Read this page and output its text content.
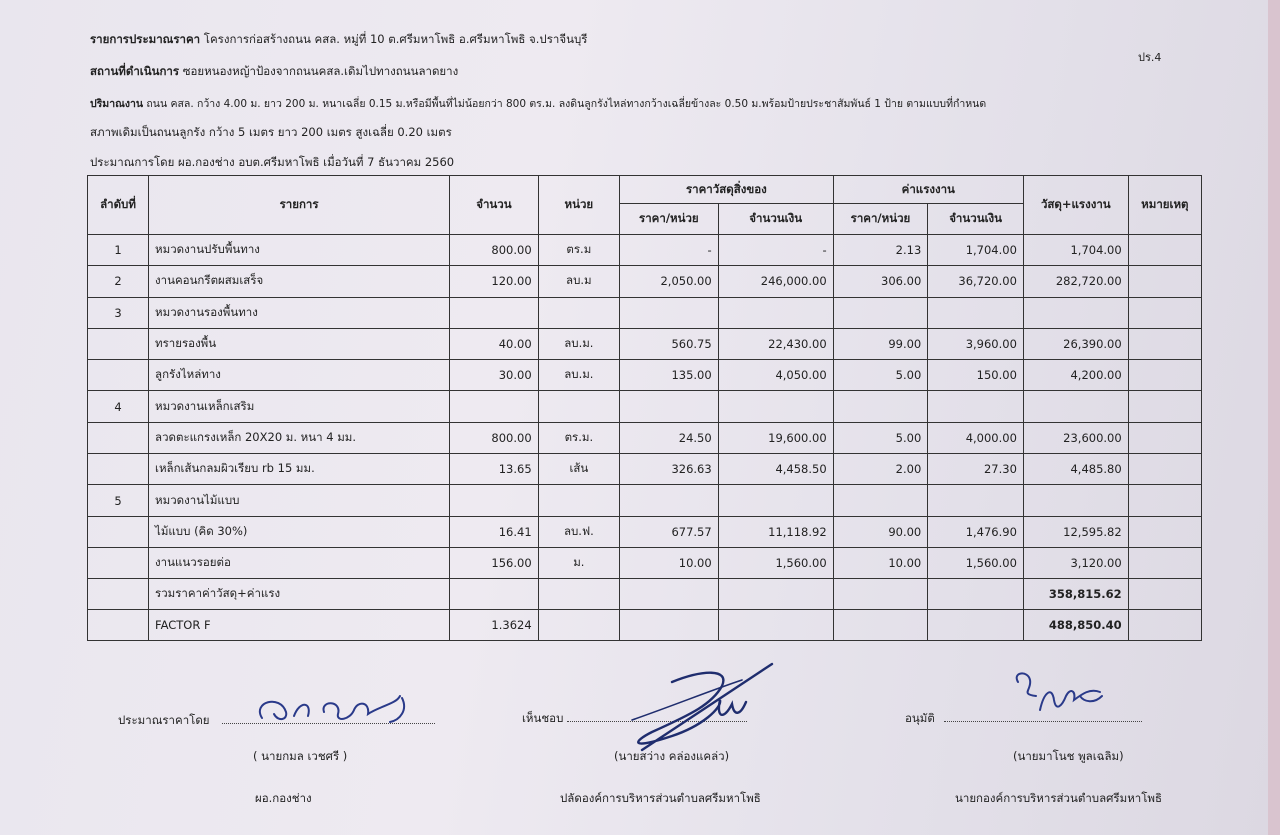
รายการประมาณราคา โครงการก่อสร้างถนน คสล. หมู่ที่ 10 ต.ศรีมหาโพธิ อ.ศรีมหาโพธิ จ.ปราจีนบุรี
สถานที่ดำเนินการ ซอยหนองหญ้าป้องจากถนนคสล.เดิมไปทางถนนลาดยาง
ปริมาณงาน ถนน คสล. กว้าง 4.00 ม. ยาว 200 ม. หนาเฉลี่ย 0.15 ม.หรือมีพื้นที่ไม่น้อยกว่า 800 ตร.ม. ลงดินลูกรังไหล่ทางกว้างเฉลี่ยข้างละ 0.50 ม.พร้อมป้ายประชาสัมพันธ์ 1 ป้าย ตามแบบที่กำหนด
สภาพเดิมเป็นถนนลูกรัง กว้าง 5 เมตร ยาว 200 เมตร สูงเฉลี่ย 0.20 เมตร
ประมาณการโดย ผอ.กองช่าง อบต.ศรีมหาโพธิ เมื่อวันที่ 7 ธันวาคม 2560
ปร.4
ลำดับที่	รายการ	จำนวน	หน่วย	ราคาวัสดุสิ่งของ		ค่าแรงงาน		วัสดุ+แรงงาน	หมายเหตุ
				ราคา/หน่วย	จำนวนเงิน	ราคา/หน่วย	จำนวนเงิน		
1	หมวดงานปรับพื้นทาง	800.00	ตร.ม	-	-	2.13	1,704.00	1,704.00	
2	งานคอนกรีตผสมเสร็จ	120.00	ลบ.ม	2,050.00	246,000.00	306.00	36,720.00	282,720.00	
3	หมวดงานรองพื้นทาง								
	ทรายรองพื้น	40.00	ลบ.ม.	560.75	22,430.00	99.00	3,960.00	26,390.00	
	ลูกรังไหล่ทาง	30.00	ลบ.ม.	135.00	4,050.00	5.00	150.00	4,200.00	
4	หมวดงานเหล็กเสริม								
	ลวดตะแกรงเหล็ก 20X20 ม. หนา 4 มม.	800.00	ตร.ม.	24.50	19,600.00	5.00	4,000.00	23,600.00	
	เหล็กเส้นกลมผิวเรียบ rb 15 มม.	13.65	เส้น	326.63	4,458.50	2.00	27.30	4,485.80	
5	หมวดงานไม้แบบ								
	ไม้แบบ (คิด 30%)	16.41	ลบ.ฟ.	677.57	11,118.92	90.00	1,476.90	12,595.82	
	งานแนวรอยต่อ	156.00	ม.	10.00	1,560.00	10.00	1,560.00	3,120.00	
	รวมราคาค่าวัสดุ+ค่าแรง							358,815.62	
	FACTOR F	1.3624						488,850.40	
ประมาณราคาโดย
( นายกมล เวชศรี )
ผอ.กองช่าง
เห็นชอบ
(นายสว่าง คล่องแคล่ว)
ปลัดองค์การบริหารส่วนตำบลศรีมหาโพธิ
อนุมัติ
(นายมาโนช พูลเฉลิม)
นายกองค์การบริหารส่วนตำบลศรีมหาโพธิ
